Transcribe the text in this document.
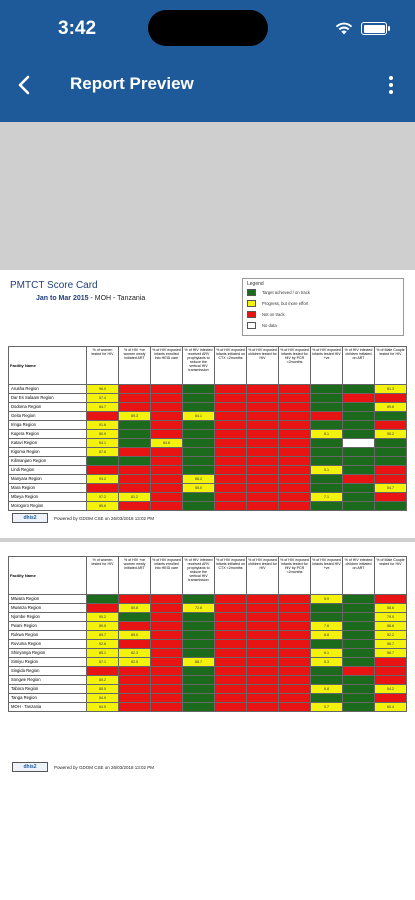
3:42
Report Preview
PMTCT Score Card
Jan to Mar 2015 - MOH - Tanzania
Legend
Target achieved / on track
Progress, but more effort
Not on track
No data
Facility Name	% of women tested for HIV	% of HIV +ve women newly initiated ART	% of HIV exposed infants enrolled into HEID care	% of HIV Infected received ARV prophylaxis to reduce the vertical HIV transmission	% of HIV exposed infants initiated on CTX <2months	% of HIV exposed children tested for HIV	% of HIV exposed infants tested for HIV by PCR <2months	% of HIV exposed infants tested HIV +ve	% of HIV infected children initiated on ART	% of Male Couple tested for HIV
Arusha Region	96.0									81.3
Dar Es Salaam Region	57.4									
Dodoma Region	84.7									69.6
Geita Region		89.3		64.1						
Iringa Region	91.6									
Kagera Region	80.9							8.1		55.2
Katavi Region	94.1		84.6							
Kigoma Region	87.8									
Kilimanjaro Region										
Lindi Region								5.1		
Manyara Region	93.2			88.2						
Mara Region				55.0						54.7
Mbeya Region	97.2	81.2						7.1		
Morogoro Region	85.6									
dhis2	Powered by GDOM CSE on 26/03/2018 13:02 PM
Facility Name	% of women tested for HIV	% of HIV +ve women newly initiated ART	% of HIV exposed infants enrolled into HEID care	% of HIV Infected received ARV prophylaxis to reduce the vertical HIV transmission	% of HIV exposed infants initiated on CTX <2months	% of HIV exposed children tested for HIV	% of HIV exposed infants tested for HIV by PCR <2months	% of HIV exposed infants tested HIV +ve	% of HIV infected children initiated on ART	% of Male Couple tested for HIV
Mtwara Region								5.9		
Mwanza Region		80.8		72.8						58.6
Njombe Region	90.2									79.0
Pwani Region	89.5							7.6		88.6
Rukwa Region	89.7	89.0						6.8		52.2
Ruvuma Region	92.6									56.7
Shinyanga Region	85.1	82.3						6.1		56.7
Simiyu Region	87.1	82.5		88.7				5.3		
Singida Region										
Songwe Region	80.2									
Tabora Region	85.5							6.8		54.2
Tanga Region	84.9									
MOH - Tanzania	84.9							5.7		60.4
dhis2	Powered by GDOM CSE on 26/03/2018 13:02 PM
